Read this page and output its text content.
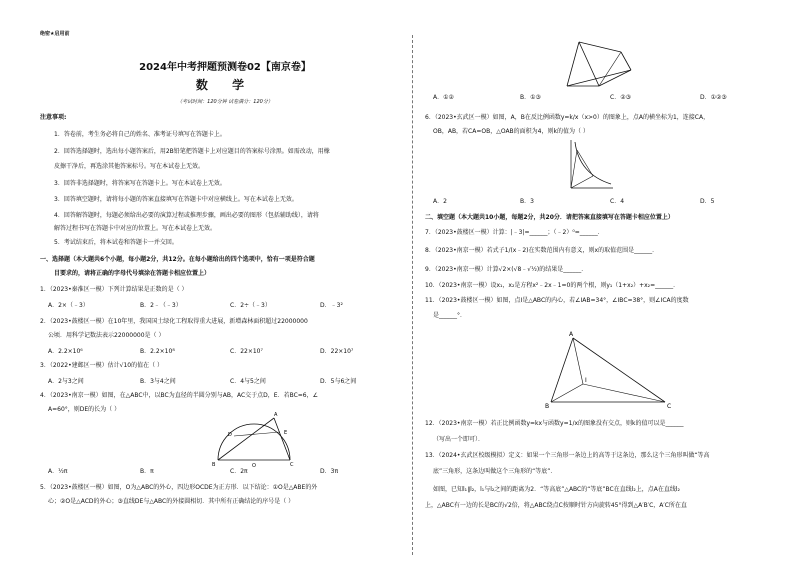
绝密★启用前
2024年中考押题预测卷02【南京卷】
数 学
（考试时间：120分钟 试卷满分：120分）
注意事项:
1．答卷前，考生务必将自己的姓名、准考证号填写在答题卡上。
2．回答选择题时，选出每小题答案后，用2B铅笔把答题卡上对应题目的答案标号涂黑。如需改动，用橡
皮擦干净后，再选涂其他答案标号。写在本试卷上无效。
3．回答非选择题时，将答案写在答题卡上。写在本试卷上无效。
3．回答填空题时，请将每小题的答案直接填写在答题卡中对应横线上。写在本试卷上无效。
4．回答解答题时，每题必须给出必要的演算过程或推理步骤，画出必要的图形（包括辅助线），请将
解答过程书写在答题卡中对应的位置上。写在本试卷上无效。
5．考试结束后，将本试卷和答题卡一并交回。
一、选择题（本大题共6个小题，每小题2分，共12分。在每小题给出的四个选项中，恰有一项是符合题
目要求的，请将正确的字母代号填涂在答题卡相应位置上）
1．（2023•秦淮区一模）下列计算结果是正数的是（ ）
A．2×（﹣3）	B．2﹣（﹣3）	C．2÷（﹣3）	D．﹣3²
2．（2023•鼓楼区一模）在10年里，我国国土绿化工程取得重大进展，新增森林面积超过22000000
公顷．用科学记数法表示22000000是（ ）
A．2.2×10⁶	B．2.2×10⁸	C．22×10⁷	D．22×10⁷
3．（2022•建邺区一模）估计√10的值在（ ）
A．2与3之间	B．3与4之间	C．4与5之间	D．5与6之间
4．（2023•南京一模）如图，在△ABC中，以BC为直径的半圆分别与AB，AC交于点D，E．若BC=6，∠
A=60°，则DE的长为（ ）
A
D	E
B	C
O
A．½π	B．π	C．2π	D．3π
5．（2023•鼓楼区一模）如图，O为△ABC的外心，四边形OCDE为正方形．以下结论：①O是△ABE的外
心；②O是△ACD的外心；③直线DE与△ABC的外接圆相切．其中所有正确结论的序号是（ ）
A．①②	B．①③	C．②③	D．①②③
6．（2023•玄武区一模）如图，A，B在反比例函数y=k/x（x>0）的图象上，点A的横坐标为1，连接CA，
OB，AB，若CA=OB，△OAB的面积为4，则k的值为（ ）
A．2	B．3	C．4	D．5
二、填空题（本大题共10小题，每题2分，共20分．请把答案直接填写在答题卡相应位置上）
7．（2023•鼓楼区一模）计算：|﹣3|=______；（﹣2）⁰=______．
8．（2023•南京一模）若式子1/(x﹣2)在实数范围内有意义，则x的取值范围是______．
9．（2023•南京一模）计算√2×(√8﹣√½)的结果是______．
10．（2023•南京一模）设x₁，x₂是方程x²﹣2x﹣1=0的两个根，则y₁（1+x₂）+x₂=______．
11．（2023•鼓楼区一模）如图，点I是△ABC的内心，若∠IAB=34°，∠IBC=38°，则∠ICA的度数
是______°．
A
I
B	C
12．（2023•南京一模）若正比例函数y=kx与函数y=1/x的图象没有交点，则k的值可以是______
（写出一个即可）．
13．（2024•玄武区校级模拟）定义：如果一个三角形一条边上的高等于这条边，那么这个三角形叫做“等高
底”三角形，这条边叫做这个三角形的“等底”．
如图，已知l₁∥l₂，l₁与l₂之间的距离为2．“等高底”△ABC的“等底”BC在直线l₂上，点A在直线l₂
上，△ABC有一边的长是BC的√2倍，将△ABC绕点C按顺时针方向旋转45°得到△A′B′C，A′C所在直
